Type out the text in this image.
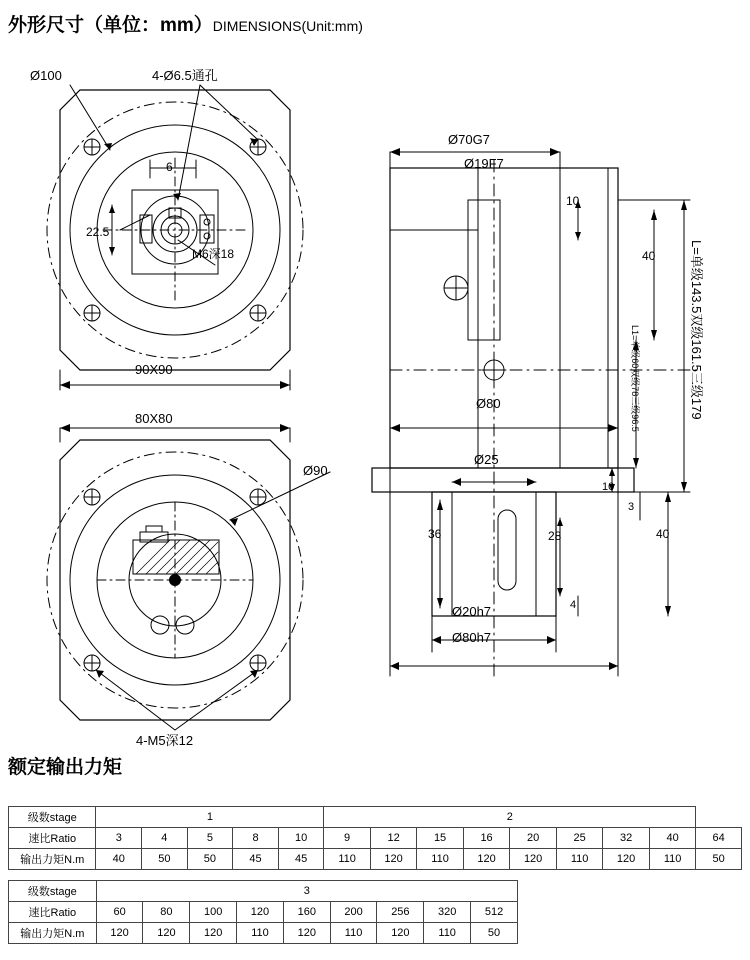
外形尺寸（单位：mm）DIMENSIONS(Unit:mm)
额定输出力矩
Ø100	4-Ø6.5通孔
6
22.5
M6深18
90X90
80X80
Ø90
4-M5深12
Ø70G7
Ø19F7
10
40
Ø80
Ø25
10
3
40
36	28
4
Ø20h7
Ø80h7
L=单级143.5双级161.5三级179
L1=单级60双级78三级96.5
级数stage	1					2								
速比Ratio	3	4	5	8	10	9	12	15	16	20	25	32	40	64
输出力矩N.m	40	50	50	45	45	110	120	110	120	120	110	120	110	50
级数stage	3								
速比Ratio	60	80	100	120	160	200	256	320	512
输出力矩N.m	120	120	120	110	120	110	120	110	50
